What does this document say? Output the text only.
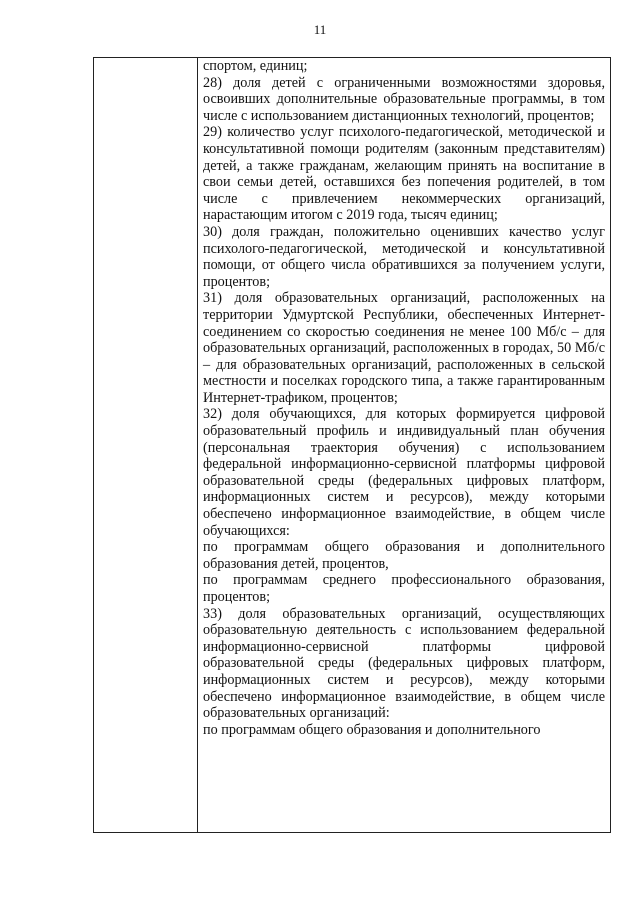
11

спортом, единиц;

28) доля детей с ограниченными возможностями здоровья, освоивших дополнительные образовательные программы, в том числе с использованием дистанционных технологий, процентов;

29) количество услуг психолого-педагогической, методической и консультативной помощи родителям (законным представителям) детей, а также гражданам, желающим принять на воспитание в свои семьи детей, оставшихся без попечения родителей, в том числе с привлечением некоммерческих организаций, нарастающим итогом с 2019 года, тысяч единиц;

30) доля граждан, положительно оценивших качество услуг психолого-педагогической, методической и консультативной помощи, от общего числа обратившихся за получением услуги, процентов;

31) доля образовательных организаций, расположенных на территории Удмуртской Республики, обеспеченных Интернет-соединением со скоростью соединения не менее 100 Мб/с – для образовательных организаций, расположенных в городах, 50 Мб/с – для образовательных организаций, расположенных в сельской местности и поселках городского типа, а также гарантированным Интернет-трафиком, процентов;

32) доля обучающихся, для которых формируется цифровой образовательный профиль и индивидуальный план обучения (персональная траектория обучения) с использованием федеральной информационно-сервисной платформы цифровой образовательной среды (федеральных цифровых платформ, информационных систем и ресурсов), между которыми обеспечено информационное взаимодействие, в общем числе обучающихся:

по программам общего образования и дополнительного образования детей, процентов,

по программам среднего профессионального образования, процентов;

33) доля образовательных организаций, осуществляющих образовательную деятельность с использованием федеральной информационно-сервисной платформы цифровой образовательной среды (федеральных цифровых платформ, информационных систем и ресурсов), между которыми обеспечено информационное взаимодействие, в общем числе образовательных организаций:

по программам общего образования и дополнительного
